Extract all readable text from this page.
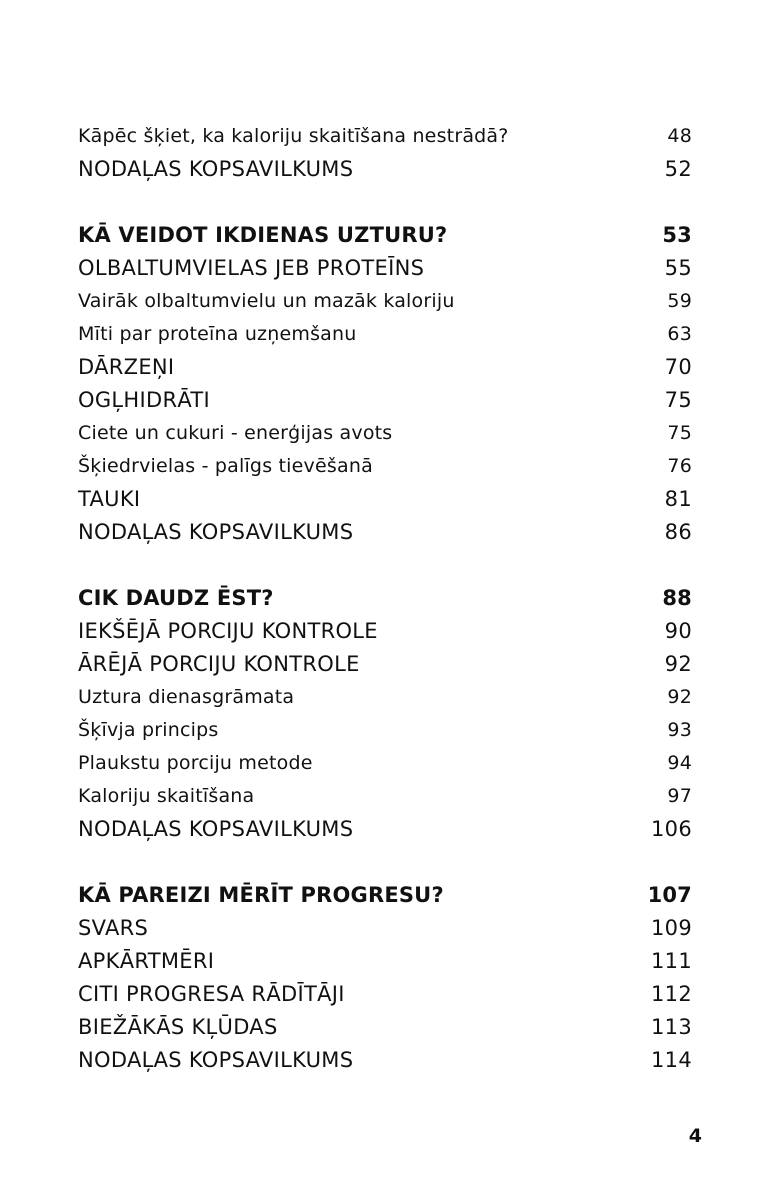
Kāpēc šķiet, ka kaloriju skaitīšana nestrādā?	48
NODAĻAS KOPSAVILKUMS	52
KĀ VEIDOT IKDIENAS UZTURU?	53
OLBALTUMVIELAS JEB PROTEĪNS	55
Vairāk olbaltumvielu un mazāk kaloriju	59
Mīti par proteīna uzņemšanu	63
DĀRZEŅI	70
OGĻHIDRĀTI	75
Ciete un cukuri - enerģijas avots	75
Šķiedrvielas - palīgs tievēšanā	76
TAUKI	81
NODAĻAS KOPSAVILKUMS	86
CIK DAUDZ ĒST?	88
IEKŠĒJĀ PORCIJU KONTROLE	90
ĀRĒJĀ PORCIJU KONTROLE	92
Uztura dienasgrāmata	92
Šķīvja princips	93
Plaukstu porciju metode	94
Kaloriju skaitīšana	97
NODAĻAS KOPSAVILKUMS	106
KĀ PAREIZI MĒRĪT PROGRESU?	107
SVARS	109
APKĀRTMĒRI	111
CITI PROGRESA RĀDĪTĀJI	112
BIEŽĀKĀS KĻŪDAS	113
NODAĻAS KOPSAVILKUMS	114
4
